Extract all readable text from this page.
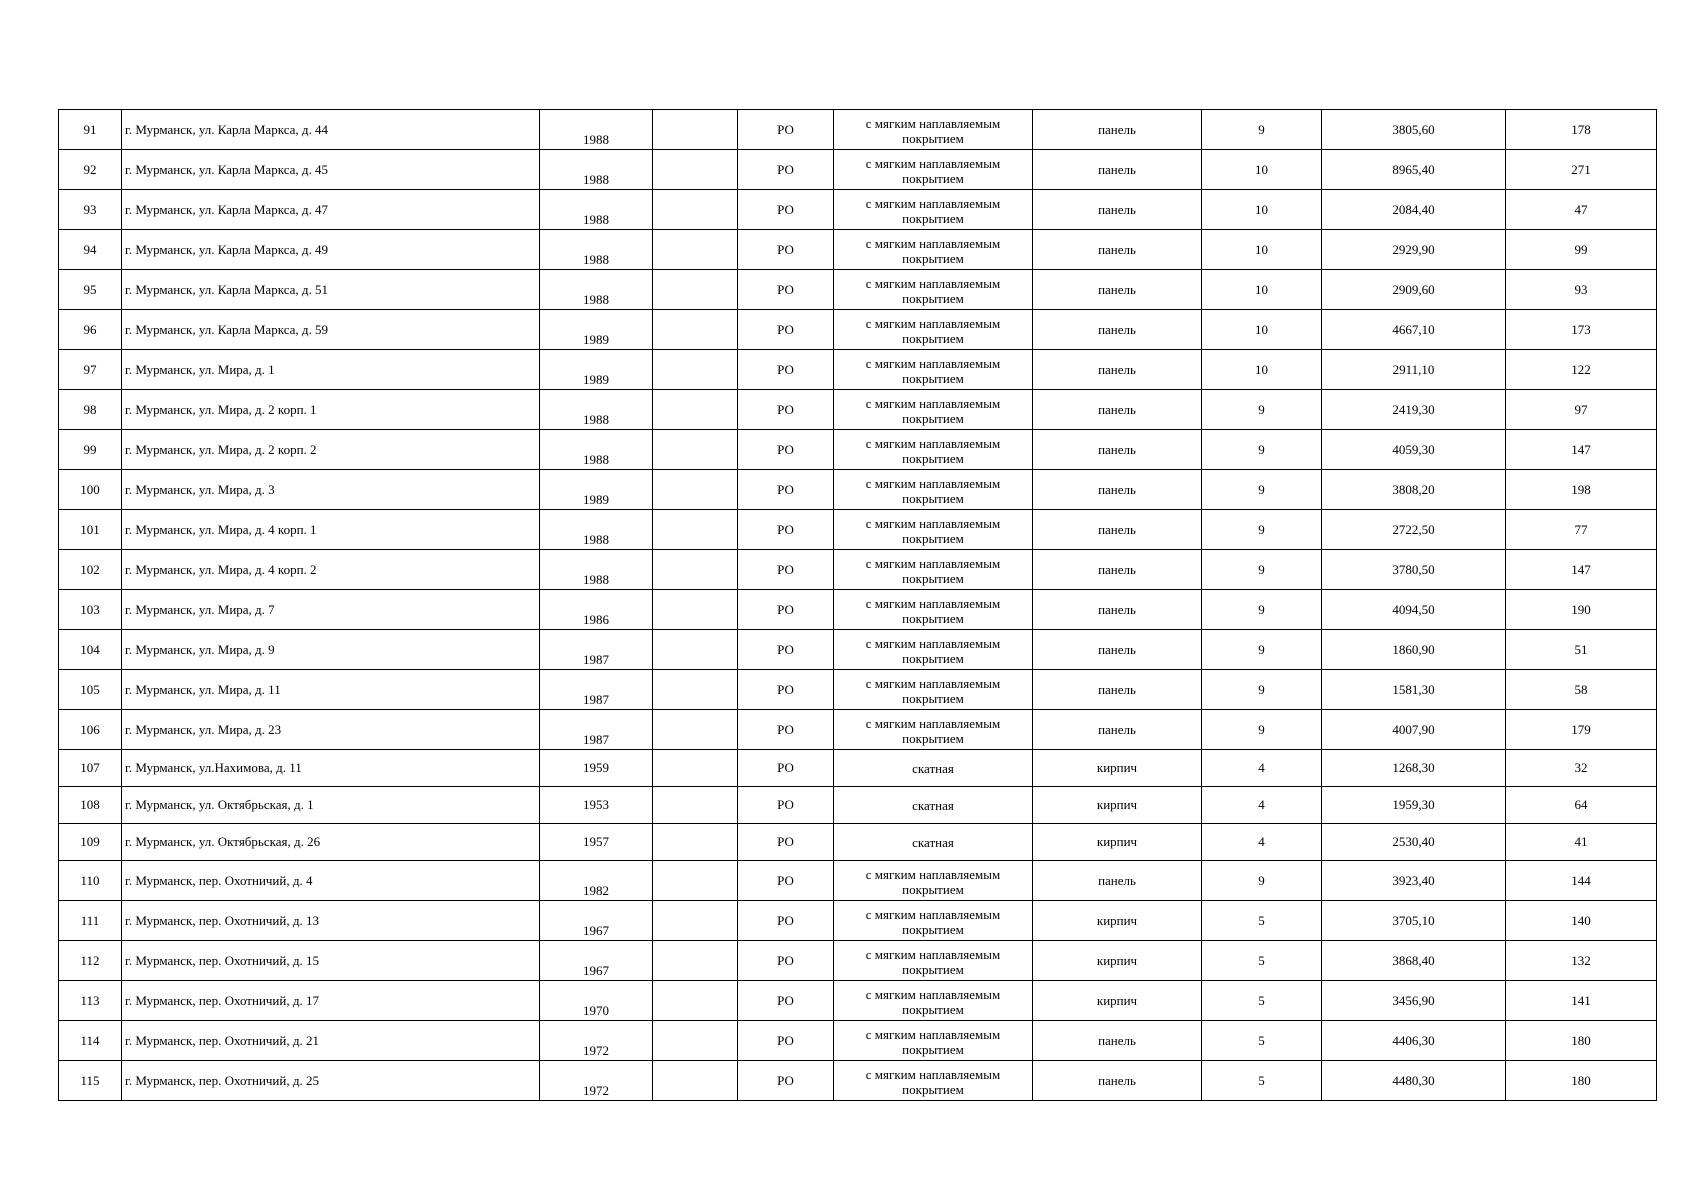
91	г. Мурманск, ул. Карла Маркса, д. 44	1988		РО	с мягким наплавляемым
покрытием	панель	9	3805,60	178
92	г. Мурманск, ул. Карла Маркса, д. 45	1988		РО	с мягким наплавляемым
покрытием	панель	10	8965,40	271
93	г. Мурманск, ул. Карла Маркса, д. 47	1988		РО	с мягким наплавляемым
покрытием	панель	10	2084,40	47
94	г. Мурманск, ул. Карла Маркса, д. 49	1988		РО	с мягким наплавляемым
покрытием	панель	10	2929,90	99
95	г. Мурманск, ул. Карла Маркса, д. 51	1988		РО	с мягким наплавляемым
покрытием	панель	10	2909,60	93
96	г. Мурманск, ул. Карла Маркса, д. 59	1989		РО	с мягким наплавляемым
покрытием	панель	10	4667,10	173
97	г. Мурманск, ул. Мира, д. 1	1989		РО	с мягким наплавляемым
покрытием	панель	10	2911,10	122
98	г. Мурманск, ул. Мира, д. 2 корп. 1	1988		РО	с мягким наплавляемым
покрытием	панель	9	2419,30	97
99	г. Мурманск, ул. Мира, д. 2 корп. 2	1988		РО	с мягким наплавляемым
покрытием	панель	9	4059,30	147
100	г. Мурманск, ул. Мира, д. 3	1989		РО	с мягким наплавляемым
покрытием	панель	9	3808,20	198
101	г. Мурманск, ул. Мира, д. 4 корп. 1	1988		РО	с мягким наплавляемым
покрытием	панель	9	2722,50	77
102	г. Мурманск, ул. Мира, д. 4 корп. 2	1988		РО	с мягким наплавляемым
покрытием	панель	9	3780,50	147
103	г. Мурманск, ул. Мира, д. 7	1986		РО	с мягким наплавляемым
покрытием	панель	9	4094,50	190
104	г. Мурманск, ул. Мира, д. 9	1987		РО	с мягким наплавляемым
покрытием	панель	9	1860,90	51
105	г. Мурманск, ул. Мира, д. 11	1987		РО	с мягким наплавляемым
покрытием	панель	9	1581,30	58
106	г. Мурманск, ул. Мира, д. 23	1987		РО	с мягким наплавляемым
покрытием	панель	9	4007,90	179
107	г. Мурманск, ул.Нахимова, д. 11	1959		РО	скатная	кирпич	4	1268,30	32
108	г. Мурманск, ул. Октябрьская, д. 1	1953		РО	скатная	кирпич	4	1959,30	64
109	г. Мурманск, ул. Октябрьская, д. 26	1957		РО	скатная	кирпич	4	2530,40	41
110	г. Мурманск, пер. Охотничий, д. 4	1982		РО	с мягким наплавляемым
покрытием	панель	9	3923,40	144
111	г. Мурманск, пер. Охотничий, д. 13	1967		РО	с мягким наплавляемым
покрытием	кирпич	5	3705,10	140
112	г. Мурманск, пер. Охотничий, д. 15	1967		РО	с мягким наплавляемым
покрытием	кирпич	5	3868,40	132
113	г. Мурманск, пер. Охотничий, д. 17	1970		РО	с мягким наплавляемым
покрытием	кирпич	5	3456,90	141
114	г. Мурманск, пер. Охотничий, д. 21	1972		РО	с мягким наплавляемым
покрытием	панель	5	4406,30	180
115	г. Мурманск, пер. Охотничий, д. 25	1972		РО	с мягким наплавляемым
покрытием	панель	5	4480,30	180
